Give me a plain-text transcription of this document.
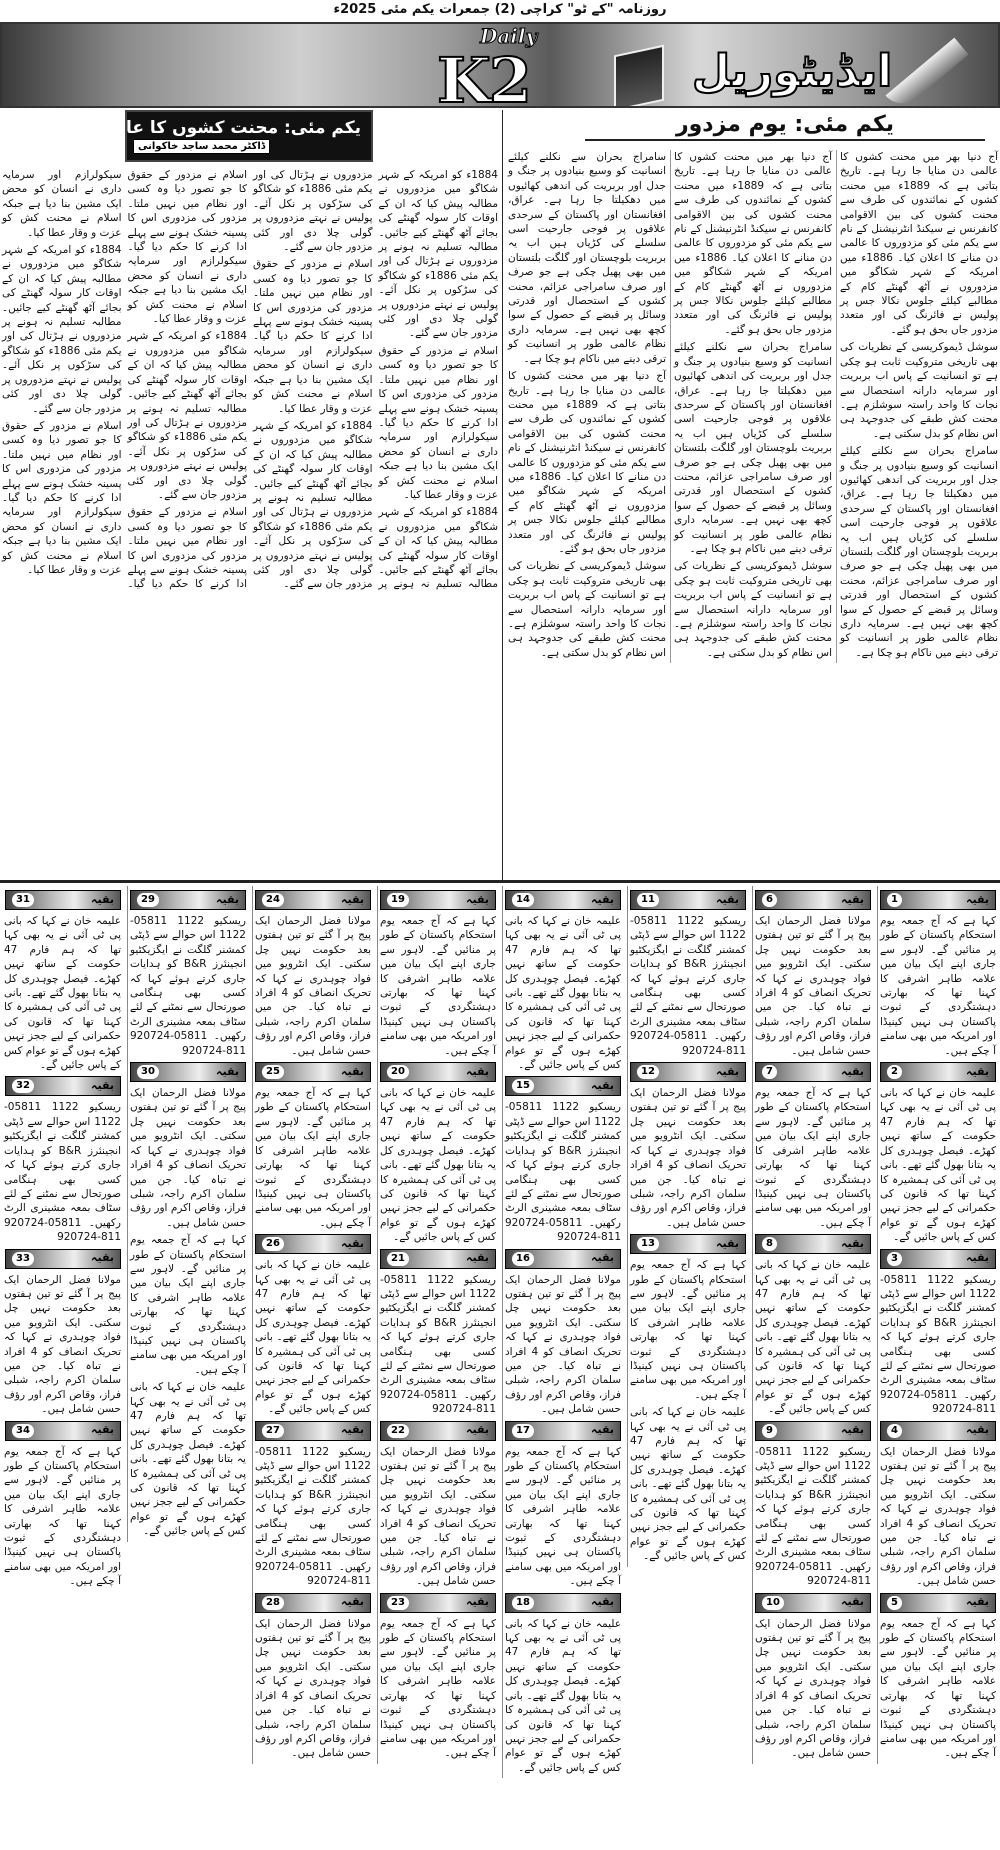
روزنامہ "کے ٹو" کراچی (2) جمعرات یکم مئی 2025ء
Daily
K2	ایڈیٹوریل
یکم مئی: یوم مزدور

آج دنیا بھر میں محنت کشوں کا عالمی دن منایا جا رہا ہے۔ تاریخ بتاتی ہے کہ 1889ء میں محنت کشوں کے نمائندوں کی طرف سے محنت کشوں کی بین الاقوامی کانفرنس نے سیکنڈ انٹرنیشنل کے نام سے یکم مئی کو مزدوروں کا عالمی دن منانے کا اعلان کیا۔ 1886ء میں امریکہ کے شہر شکاگو میں مزدوروں نے آٹھ گھنٹے کام کے مطالبے کیلئے جلوس نکالا جس پر پولیس نے فائرنگ کی اور متعدد مزدور جاں بحق ہو گئے۔

سوشل ڈیموکریسی کے نظریات کی بھی تاریخی متروکیت ثابت ہو چکی ہے تو انسانیت کے پاس اب بربریت اور سرمایہ دارانہ استحصال سے نجات کا واحد راستہ سوشلزم ہے۔ محنت کش طبقے کی جدوجہد ہی اس نظام کو بدل سکتی ہے۔

سامراج بحران سے نکلنے کیلئے انسانیت کو وسیع بنیادوں پر جنگ و جدل اور بربریت کی اندھی کھائیوں میں دھکیلتا جا رہا ہے۔ عراق، افغانستان اور پاکستان کے سرحدی علاقوں پر فوجی جارحیت اسی سلسلے کی کڑیاں ہیں اب یہ بربریت بلوچستان اور گلگت بلتستان میں بھی پھیل چکی ہے جو صرف اور صرف سامراجی عزائم، محنت کشوں کے استحصال اور قدرتی وسائل پر قبضے کے حصول کے سوا کچھ بھی نہیں ہے۔ سرمایہ داری نظام عالمی طور پر انسانیت کو ترقی دینے میں ناکام ہو چکا ہے۔

آج دنیا بھر میں محنت کشوں کا عالمی دن منایا جا رہا ہے۔ تاریخ بتاتی ہے کہ 1889ء میں محنت کشوں کے نمائندوں کی طرف سے محنت کشوں کی بین الاقوامی کانفرنس نے سیکنڈ انٹرنیشنل کے نام سے یکم مئی کو مزدوروں کا عالمی دن منانے کا اعلان کیا۔ 1886ء میں امریکہ کے شہر شکاگو میں مزدوروں نے آٹھ گھنٹے کام کے مطالبے کیلئے جلوس نکالا جس پر پولیس نے فائرنگ کی اور متعدد مزدور جاں بحق ہو گئے۔

سامراج بحران سے نکلنے کیلئے انسانیت کو وسیع بنیادوں پر جنگ و جدل اور بربریت کی اندھی کھائیوں میں دھکیلتا جا رہا ہے۔ عراق، افغانستان اور پاکستان کے سرحدی علاقوں پر فوجی جارحیت اسی سلسلے کی کڑیاں ہیں اب یہ بربریت بلوچستان اور گلگت بلتستان میں بھی پھیل چکی ہے جو صرف اور صرف سامراجی عزائم، محنت کشوں کے استحصال اور قدرتی وسائل پر قبضے کے حصول کے سوا کچھ بھی نہیں ہے۔ سرمایہ داری نظام عالمی طور پر انسانیت کو ترقی دینے میں ناکام ہو چکا ہے۔

سوشل ڈیموکریسی کے نظریات کی بھی تاریخی متروکیت ثابت ہو چکی ہے تو انسانیت کے پاس اب بربریت اور سرمایہ دارانہ استحصال سے نجات کا واحد راستہ سوشلزم ہے۔ محنت کش طبقے کی جدوجہد ہی اس نظام کو بدل سکتی ہے۔

سامراج بحران سے نکلنے کیلئے انسانیت کو وسیع بنیادوں پر جنگ و جدل اور بربریت کی اندھی کھائیوں میں دھکیلتا جا رہا ہے۔ عراق، افغانستان اور پاکستان کے سرحدی علاقوں پر فوجی جارحیت اسی سلسلے کی کڑیاں ہیں اب یہ بربریت بلوچستان اور گلگت بلتستان میں بھی پھیل چکی ہے جو صرف اور صرف سامراجی عزائم، محنت کشوں کے استحصال اور قدرتی وسائل پر قبضے کے حصول کے سوا کچھ بھی نہیں ہے۔ سرمایہ داری نظام عالمی طور پر انسانیت کو ترقی دینے میں ناکام ہو چکا ہے۔

آج دنیا بھر میں محنت کشوں کا عالمی دن منایا جا رہا ہے۔ تاریخ بتاتی ہے کہ 1889ء میں محنت کشوں کے نمائندوں کی طرف سے محنت کشوں کی بین الاقوامی کانفرنس نے سیکنڈ انٹرنیشنل کے نام سے یکم مئی کو مزدوروں کا عالمی دن منانے کا اعلان کیا۔ 1886ء میں امریکہ کے شہر شکاگو میں مزدوروں نے آٹھ گھنٹے کام کے مطالبے کیلئے جلوس نکالا جس پر پولیس نے فائرنگ کی اور متعدد مزدور جاں بحق ہو گئے۔

سوشل ڈیموکریسی کے نظریات کی بھی تاریخی متروکیت ثابت ہو چکی ہے تو انسانیت کے پاس اب بربریت اور سرمایہ دارانہ استحصال سے نجات کا واحد راستہ سوشلزم ہے۔ محنت کش طبقے کی جدوجہد ہی اس نظام کو بدل سکتی ہے۔

یکم مئی: محنت کشوں کا عالمی دن
ڈاکٹر محمد ساجد خاکوانی

1884ء کو امریکہ کے شہر شکاگو میں مزدوروں نے مطالبہ پیش کیا کہ ان کے اوقات کار سولہ گھنٹے کی بجائے آٹھ گھنٹے کیے جائیں۔ مطالبہ تسلیم نہ ہونے پر مزدوروں نے ہڑتال کی اور یکم مئی 1886ء کو شکاگو کی سڑکوں پر نکل آئے۔ پولیس نے نہتے مزدوروں پر گولی چلا دی اور کئی مزدور جان سے گئے۔

اسلام نے مزدور کے حقوق کا جو تصور دیا وہ کسی اور نظام میں نہیں ملتا۔ مزدور کی مزدوری اس کا پسینہ خشک ہونے سے پہلے ادا کرنے کا حکم دیا گیا۔ سیکولرازم اور سرمایہ داری نے انسان کو محض ایک مشین بنا دیا ہے جبکہ اسلام نے محنت کش کو عزت و وقار عطا کیا۔

1884ء کو امریکہ کے شہر شکاگو میں مزدوروں نے مطالبہ پیش کیا کہ ان کے اوقات کار سولہ گھنٹے کی بجائے آٹھ گھنٹے کیے جائیں۔ مطالبہ تسلیم نہ ہونے پر مزدوروں نے ہڑتال کی اور یکم مئی 1886ء کو شکاگو کی سڑکوں پر نکل آئے۔ پولیس نے نہتے مزدوروں پر گولی چلا دی اور کئی مزدور جان سے گئے۔

اسلام نے مزدور کے حقوق کا جو تصور دیا وہ کسی اور نظام میں نہیں ملتا۔ مزدور کی مزدوری اس کا پسینہ خشک ہونے سے پہلے ادا کرنے کا حکم دیا گیا۔ سیکولرازم اور سرمایہ داری نے انسان کو محض ایک مشین بنا دیا ہے جبکہ اسلام نے محنت کش کو عزت و وقار عطا کیا۔

1884ء کو امریکہ کے شہر شکاگو میں مزدوروں نے مطالبہ پیش کیا کہ ان کے اوقات کار سولہ گھنٹے کی بجائے آٹھ گھنٹے کیے جائیں۔ مطالبہ تسلیم نہ ہونے پر مزدوروں نے ہڑتال کی اور یکم مئی 1886ء کو شکاگو کی سڑکوں پر نکل آئے۔ پولیس نے نہتے مزدوروں پر گولی چلا دی اور کئی مزدور جان سے گئے۔

اسلام نے مزدور کے حقوق کا جو تصور دیا وہ کسی اور نظام میں نہیں ملتا۔ مزدور کی مزدوری اس کا پسینہ خشک ہونے سے پہلے ادا کرنے کا حکم دیا گیا۔ سیکولرازم اور سرمایہ داری نے انسان کو محض ایک مشین بنا دیا ہے جبکہ اسلام نے محنت کش کو عزت و وقار عطا کیا۔

1884ء کو امریکہ کے شہر شکاگو میں مزدوروں نے مطالبہ پیش کیا کہ ان کے اوقات کار سولہ گھنٹے کی بجائے آٹھ گھنٹے کیے جائیں۔ مطالبہ تسلیم نہ ہونے پر مزدوروں نے ہڑتال کی اور یکم مئی 1886ء کو شکاگو کی سڑکوں پر نکل آئے۔ پولیس نے نہتے مزدوروں پر گولی چلا دی اور کئی مزدور جان سے گئے۔

اسلام نے مزدور کے حقوق کا جو تصور دیا وہ کسی اور نظام میں نہیں ملتا۔ مزدور کی مزدوری اس کا پسینہ خشک ہونے سے پہلے ادا کرنے کا حکم دیا گیا۔ سیکولرازم اور سرمایہ داری نے انسان کو محض ایک مشین بنا دیا ہے جبکہ اسلام نے محنت کش کو عزت و وقار عطا کیا۔

1884ء کو امریکہ کے شہر شکاگو میں مزدوروں نے مطالبہ پیش کیا کہ ان کے اوقات کار سولہ گھنٹے کی بجائے آٹھ گھنٹے کیے جائیں۔ مطالبہ تسلیم نہ ہونے پر مزدوروں نے ہڑتال کی اور یکم مئی 1886ء کو شکاگو کی سڑکوں پر نکل آئے۔ پولیس نے نہتے مزدوروں پر گولی چلا دی اور کئی مزدور جان سے گئے۔

اسلام نے مزدور کے حقوق کا جو تصور دیا وہ کسی اور نظام میں نہیں ملتا۔ مزدور کی مزدوری اس کا پسینہ خشک ہونے سے پہلے ادا کرنے کا حکم دیا گیا۔ سیکولرازم اور سرمایہ داری نے انسان کو محض ایک مشین بنا دیا ہے جبکہ اسلام نے محنت کش کو عزت و وقار عطا کیا۔

بقیہ
31

علیمہ خان نے کہا کہ بانی پی ٹی آئی نے یہ بھی کہا تھا کہ ہم فارم 47 حکومت کے ساتھ نہیں کھڑے۔ فیصل چوہدری کل یہ بتانا بھول گئے تھے۔ بانی پی ٹی آئی کی ہمشیرہ کا کہنا تھا کہ قانون کی حکمرانی کے لیے ججز نہیں کھڑے ہوں گے تو عوام کس کے پاس جائیں گے۔

بقیہ
32

ریسکیو 1122 05811-1122 اس حوالے سے ڈپٹی کمشنر گلگت نے ایگزیکٹیو انجینئرز B&R کو ہدایات جاری کرتے ہوئے کہا کہ کسی بھی ہنگامی صورتحال سے نمٹنے کے لئے سٹاف بمعہ مشینری الرٹ رکھیں۔ 05811-920724 811-920724

بقیہ
33

مولانا فضل الرحمان ایک پیج پر آ گئے تو تین ہفتوں بعد حکومت نہیں چل سکتی۔ ایک انٹرویو میں فواد چوہدری نے کہا کہ تحریک انصاف کو 4 افراد نے تباہ کیا۔ جن میں سلمان اکرم راجہ، شبلی فراز، وقاص اکرم اور رؤف حسن شامل ہیں۔

بقیہ
34

کہا ہے کہ آج جمعہ یوم استحکام پاکستان کے طور پر منائیں گے۔ لاہور سے جاری اپنے ایک بیان میں علامہ طاہر اشرفی کا کہنا تھا کہ بھارتی دہشتگردی کے ثبوت پاکستان ہی نہیں کینیڈا اور امریکہ میں بھی سامنے آ چکے ہیں۔

بقیہ
29

ریسکیو 1122 05811-1122 اس حوالے سے ڈپٹی کمشنر گلگت نے ایگزیکٹیو انجینئرز B&R کو ہدایات جاری کرتے ہوئے کہا کہ کسی بھی ہنگامی صورتحال سے نمٹنے کے لئے سٹاف بمعہ مشینری الرٹ رکھیں۔ 05811-920724 811-920724

بقیہ
30

مولانا فضل الرحمان ایک پیج پر آ گئے تو تین ہفتوں بعد حکومت نہیں چل سکتی۔ ایک انٹرویو میں فواد چوہدری نے کہا کہ تحریک انصاف کو 4 افراد نے تباہ کیا۔ جن میں سلمان اکرم راجہ، شبلی فراز، وقاص اکرم اور رؤف حسن شامل ہیں۔

کہا ہے کہ آج جمعہ یوم استحکام پاکستان کے طور پر منائیں گے۔ لاہور سے جاری اپنے ایک بیان میں علامہ طاہر اشرفی کا کہنا تھا کہ بھارتی دہشتگردی کے ثبوت پاکستان ہی نہیں کینیڈا اور امریکہ میں بھی سامنے آ چکے ہیں۔

علیمہ خان نے کہا کہ بانی پی ٹی آئی نے یہ بھی کہا تھا کہ ہم فارم 47 حکومت کے ساتھ نہیں کھڑے۔ فیصل چوہدری کل یہ بتانا بھول گئے تھے۔ بانی پی ٹی آئی کی ہمشیرہ کا کہنا تھا کہ قانون کی حکمرانی کے لیے ججز نہیں کھڑے ہوں گے تو عوام کس کے پاس جائیں گے۔

بقیہ
24

مولانا فضل الرحمان ایک پیج پر آ گئے تو تین ہفتوں بعد حکومت نہیں چل سکتی۔ ایک انٹرویو میں فواد چوہدری نے کہا کہ تحریک انصاف کو 4 افراد نے تباہ کیا۔ جن میں سلمان اکرم راجہ، شبلی فراز، وقاص اکرم اور رؤف حسن شامل ہیں۔

بقیہ
25

کہا ہے کہ آج جمعہ یوم استحکام پاکستان کے طور پر منائیں گے۔ لاہور سے جاری اپنے ایک بیان میں علامہ طاہر اشرفی کا کہنا تھا کہ بھارتی دہشتگردی کے ثبوت پاکستان ہی نہیں کینیڈا اور امریکہ میں بھی سامنے آ چکے ہیں۔

بقیہ
26

علیمہ خان نے کہا کہ بانی پی ٹی آئی نے یہ بھی کہا تھا کہ ہم فارم 47 حکومت کے ساتھ نہیں کھڑے۔ فیصل چوہدری کل یہ بتانا بھول گئے تھے۔ بانی پی ٹی آئی کی ہمشیرہ کا کہنا تھا کہ قانون کی حکمرانی کے لیے ججز نہیں کھڑے ہوں گے تو عوام کس کے پاس جائیں گے۔

بقیہ
27

ریسکیو 1122 05811-1122 اس حوالے سے ڈپٹی کمشنر گلگت نے ایگزیکٹیو انجینئرز B&R کو ہدایات جاری کرتے ہوئے کہا کہ کسی بھی ہنگامی صورتحال سے نمٹنے کے لئے سٹاف بمعہ مشینری الرٹ رکھیں۔ 05811-920724 811-920724

بقیہ
28

مولانا فضل الرحمان ایک پیج پر آ گئے تو تین ہفتوں بعد حکومت نہیں چل سکتی۔ ایک انٹرویو میں فواد چوہدری نے کہا کہ تحریک انصاف کو 4 افراد نے تباہ کیا۔ جن میں سلمان اکرم راجہ، شبلی فراز، وقاص اکرم اور رؤف حسن شامل ہیں۔

بقیہ
19

کہا ہے کہ آج جمعہ یوم استحکام پاکستان کے طور پر منائیں گے۔ لاہور سے جاری اپنے ایک بیان میں علامہ طاہر اشرفی کا کہنا تھا کہ بھارتی دہشتگردی کے ثبوت پاکستان ہی نہیں کینیڈا اور امریکہ میں بھی سامنے آ چکے ہیں۔

بقیہ
20

علیمہ خان نے کہا کہ بانی پی ٹی آئی نے یہ بھی کہا تھا کہ ہم فارم 47 حکومت کے ساتھ نہیں کھڑے۔ فیصل چوہدری کل یہ بتانا بھول گئے تھے۔ بانی پی ٹی آئی کی ہمشیرہ کا کہنا تھا کہ قانون کی حکمرانی کے لیے ججز نہیں کھڑے ہوں گے تو عوام کس کے پاس جائیں گے۔

بقیہ
21

ریسکیو 1122 05811-1122 اس حوالے سے ڈپٹی کمشنر گلگت نے ایگزیکٹیو انجینئرز B&R کو ہدایات جاری کرتے ہوئے کہا کہ کسی بھی ہنگامی صورتحال سے نمٹنے کے لئے سٹاف بمعہ مشینری الرٹ رکھیں۔ 05811-920724 811-920724

بقیہ
22

مولانا فضل الرحمان ایک پیج پر آ گئے تو تین ہفتوں بعد حکومت نہیں چل سکتی۔ ایک انٹرویو میں فواد چوہدری نے کہا کہ تحریک انصاف کو 4 افراد نے تباہ کیا۔ جن میں سلمان اکرم راجہ، شبلی فراز، وقاص اکرم اور رؤف حسن شامل ہیں۔

بقیہ
23

کہا ہے کہ آج جمعہ یوم استحکام پاکستان کے طور پر منائیں گے۔ لاہور سے جاری اپنے ایک بیان میں علامہ طاہر اشرفی کا کہنا تھا کہ بھارتی دہشتگردی کے ثبوت پاکستان ہی نہیں کینیڈا اور امریکہ میں بھی سامنے آ چکے ہیں۔

بقیہ
14

علیمہ خان نے کہا کہ بانی پی ٹی آئی نے یہ بھی کہا تھا کہ ہم فارم 47 حکومت کے ساتھ نہیں کھڑے۔ فیصل چوہدری کل یہ بتانا بھول گئے تھے۔ بانی پی ٹی آئی کی ہمشیرہ کا کہنا تھا کہ قانون کی حکمرانی کے لیے ججز نہیں کھڑے ہوں گے تو عوام کس کے پاس جائیں گے۔

بقیہ
15

ریسکیو 1122 05811-1122 اس حوالے سے ڈپٹی کمشنر گلگت نے ایگزیکٹیو انجینئرز B&R کو ہدایات جاری کرتے ہوئے کہا کہ کسی بھی ہنگامی صورتحال سے نمٹنے کے لئے سٹاف بمعہ مشینری الرٹ رکھیں۔ 05811-920724 811-920724

بقیہ
16

مولانا فضل الرحمان ایک پیج پر آ گئے تو تین ہفتوں بعد حکومت نہیں چل سکتی۔ ایک انٹرویو میں فواد چوہدری نے کہا کہ تحریک انصاف کو 4 افراد نے تباہ کیا۔ جن میں سلمان اکرم راجہ، شبلی فراز، وقاص اکرم اور رؤف حسن شامل ہیں۔

بقیہ
17

کہا ہے کہ آج جمعہ یوم استحکام پاکستان کے طور پر منائیں گے۔ لاہور سے جاری اپنے ایک بیان میں علامہ طاہر اشرفی کا کہنا تھا کہ بھارتی دہشتگردی کے ثبوت پاکستان ہی نہیں کینیڈا اور امریکہ میں بھی سامنے آ چکے ہیں۔

بقیہ
18

علیمہ خان نے کہا کہ بانی پی ٹی آئی نے یہ بھی کہا تھا کہ ہم فارم 47 حکومت کے ساتھ نہیں کھڑے۔ فیصل چوہدری کل یہ بتانا بھول گئے تھے۔ بانی پی ٹی آئی کی ہمشیرہ کا کہنا تھا کہ قانون کی حکمرانی کے لیے ججز نہیں کھڑے ہوں گے تو عوام کس کے پاس جائیں گے۔

بقیہ
11

ریسکیو 1122 05811-1122 اس حوالے سے ڈپٹی کمشنر گلگت نے ایگزیکٹیو انجینئرز B&R کو ہدایات جاری کرتے ہوئے کہا کہ کسی بھی ہنگامی صورتحال سے نمٹنے کے لئے سٹاف بمعہ مشینری الرٹ رکھیں۔ 05811-920724 811-920724

بقیہ
12

مولانا فضل الرحمان ایک پیج پر آ گئے تو تین ہفتوں بعد حکومت نہیں چل سکتی۔ ایک انٹرویو میں فواد چوہدری نے کہا کہ تحریک انصاف کو 4 افراد نے تباہ کیا۔ جن میں سلمان اکرم راجہ، شبلی فراز، وقاص اکرم اور رؤف حسن شامل ہیں۔

بقیہ
13

کہا ہے کہ آج جمعہ یوم استحکام پاکستان کے طور پر منائیں گے۔ لاہور سے جاری اپنے ایک بیان میں علامہ طاہر اشرفی کا کہنا تھا کہ بھارتی دہشتگردی کے ثبوت پاکستان ہی نہیں کینیڈا اور امریکہ میں بھی سامنے آ چکے ہیں۔

علیمہ خان نے کہا کہ بانی پی ٹی آئی نے یہ بھی کہا تھا کہ ہم فارم 47 حکومت کے ساتھ نہیں کھڑے۔ فیصل چوہدری کل یہ بتانا بھول گئے تھے۔ بانی پی ٹی آئی کی ہمشیرہ کا کہنا تھا کہ قانون کی حکمرانی کے لیے ججز نہیں کھڑے ہوں گے تو عوام کس کے پاس جائیں گے۔

بقیہ
6

مولانا فضل الرحمان ایک پیج پر آ گئے تو تین ہفتوں بعد حکومت نہیں چل سکتی۔ ایک انٹرویو میں فواد چوہدری نے کہا کہ تحریک انصاف کو 4 افراد نے تباہ کیا۔ جن میں سلمان اکرم راجہ، شبلی فراز، وقاص اکرم اور رؤف حسن شامل ہیں۔

بقیہ
7

کہا ہے کہ آج جمعہ یوم استحکام پاکستان کے طور پر منائیں گے۔ لاہور سے جاری اپنے ایک بیان میں علامہ طاہر اشرفی کا کہنا تھا کہ بھارتی دہشتگردی کے ثبوت پاکستان ہی نہیں کینیڈا اور امریکہ میں بھی سامنے آ چکے ہیں۔

بقیہ
8

علیمہ خان نے کہا کہ بانی پی ٹی آئی نے یہ بھی کہا تھا کہ ہم فارم 47 حکومت کے ساتھ نہیں کھڑے۔ فیصل چوہدری کل یہ بتانا بھول گئے تھے۔ بانی پی ٹی آئی کی ہمشیرہ کا کہنا تھا کہ قانون کی حکمرانی کے لیے ججز نہیں کھڑے ہوں گے تو عوام کس کے پاس جائیں گے۔

بقیہ
9

ریسکیو 1122 05811-1122 اس حوالے سے ڈپٹی کمشنر گلگت نے ایگزیکٹیو انجینئرز B&R کو ہدایات جاری کرتے ہوئے کہا کہ کسی بھی ہنگامی صورتحال سے نمٹنے کے لئے سٹاف بمعہ مشینری الرٹ رکھیں۔ 05811-920724 811-920724

بقیہ
10

مولانا فضل الرحمان ایک پیج پر آ گئے تو تین ہفتوں بعد حکومت نہیں چل سکتی۔ ایک انٹرویو میں فواد چوہدری نے کہا کہ تحریک انصاف کو 4 افراد نے تباہ کیا۔ جن میں سلمان اکرم راجہ، شبلی فراز، وقاص اکرم اور رؤف حسن شامل ہیں۔

بقیہ
1

کہا ہے کہ آج جمعہ یوم استحکام پاکستان کے طور پر منائیں گے۔ لاہور سے جاری اپنے ایک بیان میں علامہ طاہر اشرفی کا کہنا تھا کہ بھارتی دہشتگردی کے ثبوت پاکستان ہی نہیں کینیڈا اور امریکہ میں بھی سامنے آ چکے ہیں۔

بقیہ
2

علیمہ خان نے کہا کہ بانی پی ٹی آئی نے یہ بھی کہا تھا کہ ہم فارم 47 حکومت کے ساتھ نہیں کھڑے۔ فیصل چوہدری کل یہ بتانا بھول گئے تھے۔ بانی پی ٹی آئی کی ہمشیرہ کا کہنا تھا کہ قانون کی حکمرانی کے لیے ججز نہیں کھڑے ہوں گے تو عوام کس کے پاس جائیں گے۔

بقیہ
3

ریسکیو 1122 05811-1122 اس حوالے سے ڈپٹی کمشنر گلگت نے ایگزیکٹیو انجینئرز B&R کو ہدایات جاری کرتے ہوئے کہا کہ کسی بھی ہنگامی صورتحال سے نمٹنے کے لئے سٹاف بمعہ مشینری الرٹ رکھیں۔ 05811-920724 811-920724

بقیہ
4

مولانا فضل الرحمان ایک پیج پر آ گئے تو تین ہفتوں بعد حکومت نہیں چل سکتی۔ ایک انٹرویو میں فواد چوہدری نے کہا کہ تحریک انصاف کو 4 افراد نے تباہ کیا۔ جن میں سلمان اکرم راجہ، شبلی فراز، وقاص اکرم اور رؤف حسن شامل ہیں۔

بقیہ
5

کہا ہے کہ آج جمعہ یوم استحکام پاکستان کے طور پر منائیں گے۔ لاہور سے جاری اپنے ایک بیان میں علامہ طاہر اشرفی کا کہنا تھا کہ بھارتی دہشتگردی کے ثبوت پاکستان ہی نہیں کینیڈا اور امریکہ میں بھی سامنے آ چکے ہیں۔
